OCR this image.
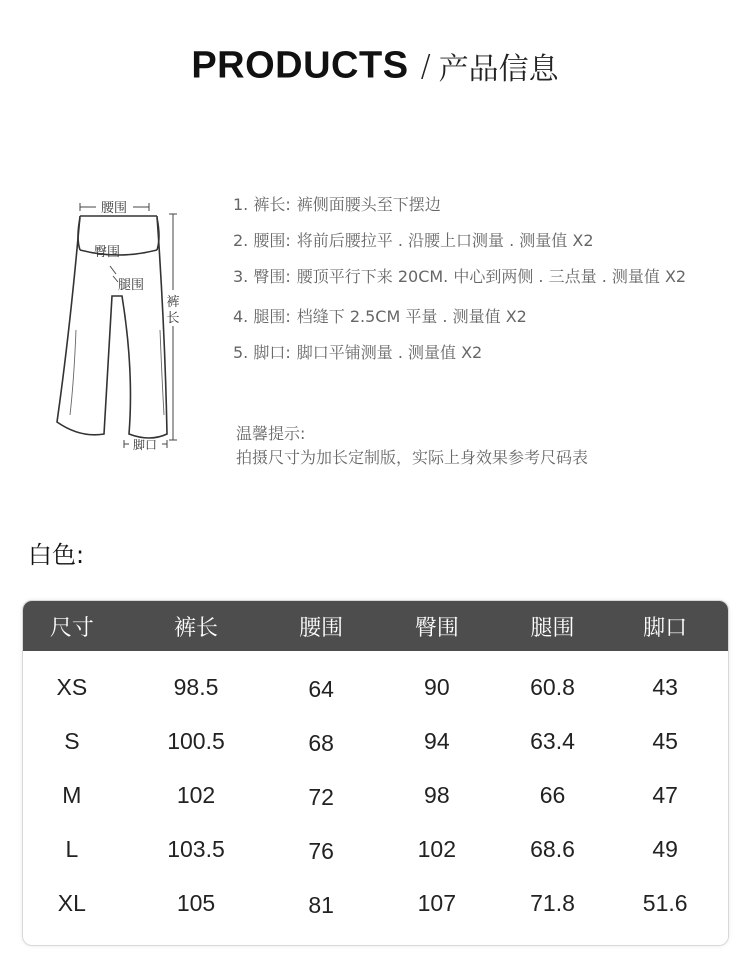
PRODUCTS / 产品信息
腰围
臀围
腿围
裤
长
脚口
1. 裤长: 裤侧面腰头至下摆边
2. 腰围: 将前后腰拉平 . 沿腰上口测量 . 测量值 X2
3. 臀围: 腰顶平行下来 20CM. 中心到两侧 . 三点量 . 测量值 X2
4. 腿围: 档缝下 2.5CM 平量 . 测量值 X2
5. 脚口: 脚口平铺测量 . 测量值 X2
温馨提示:
拍摄尺寸为加长定制版，实际上身效果参考尺码表
白色:
尺寸	裤长	腰围	臀围	腿围	脚口
XS	98.5	64	90	60.8	43
S	100.5	68	94	63.4	45
M	102	72	98	66	47
L	103.5	76	102	68.6	49
XL	105	81	107	71.8	51.6
